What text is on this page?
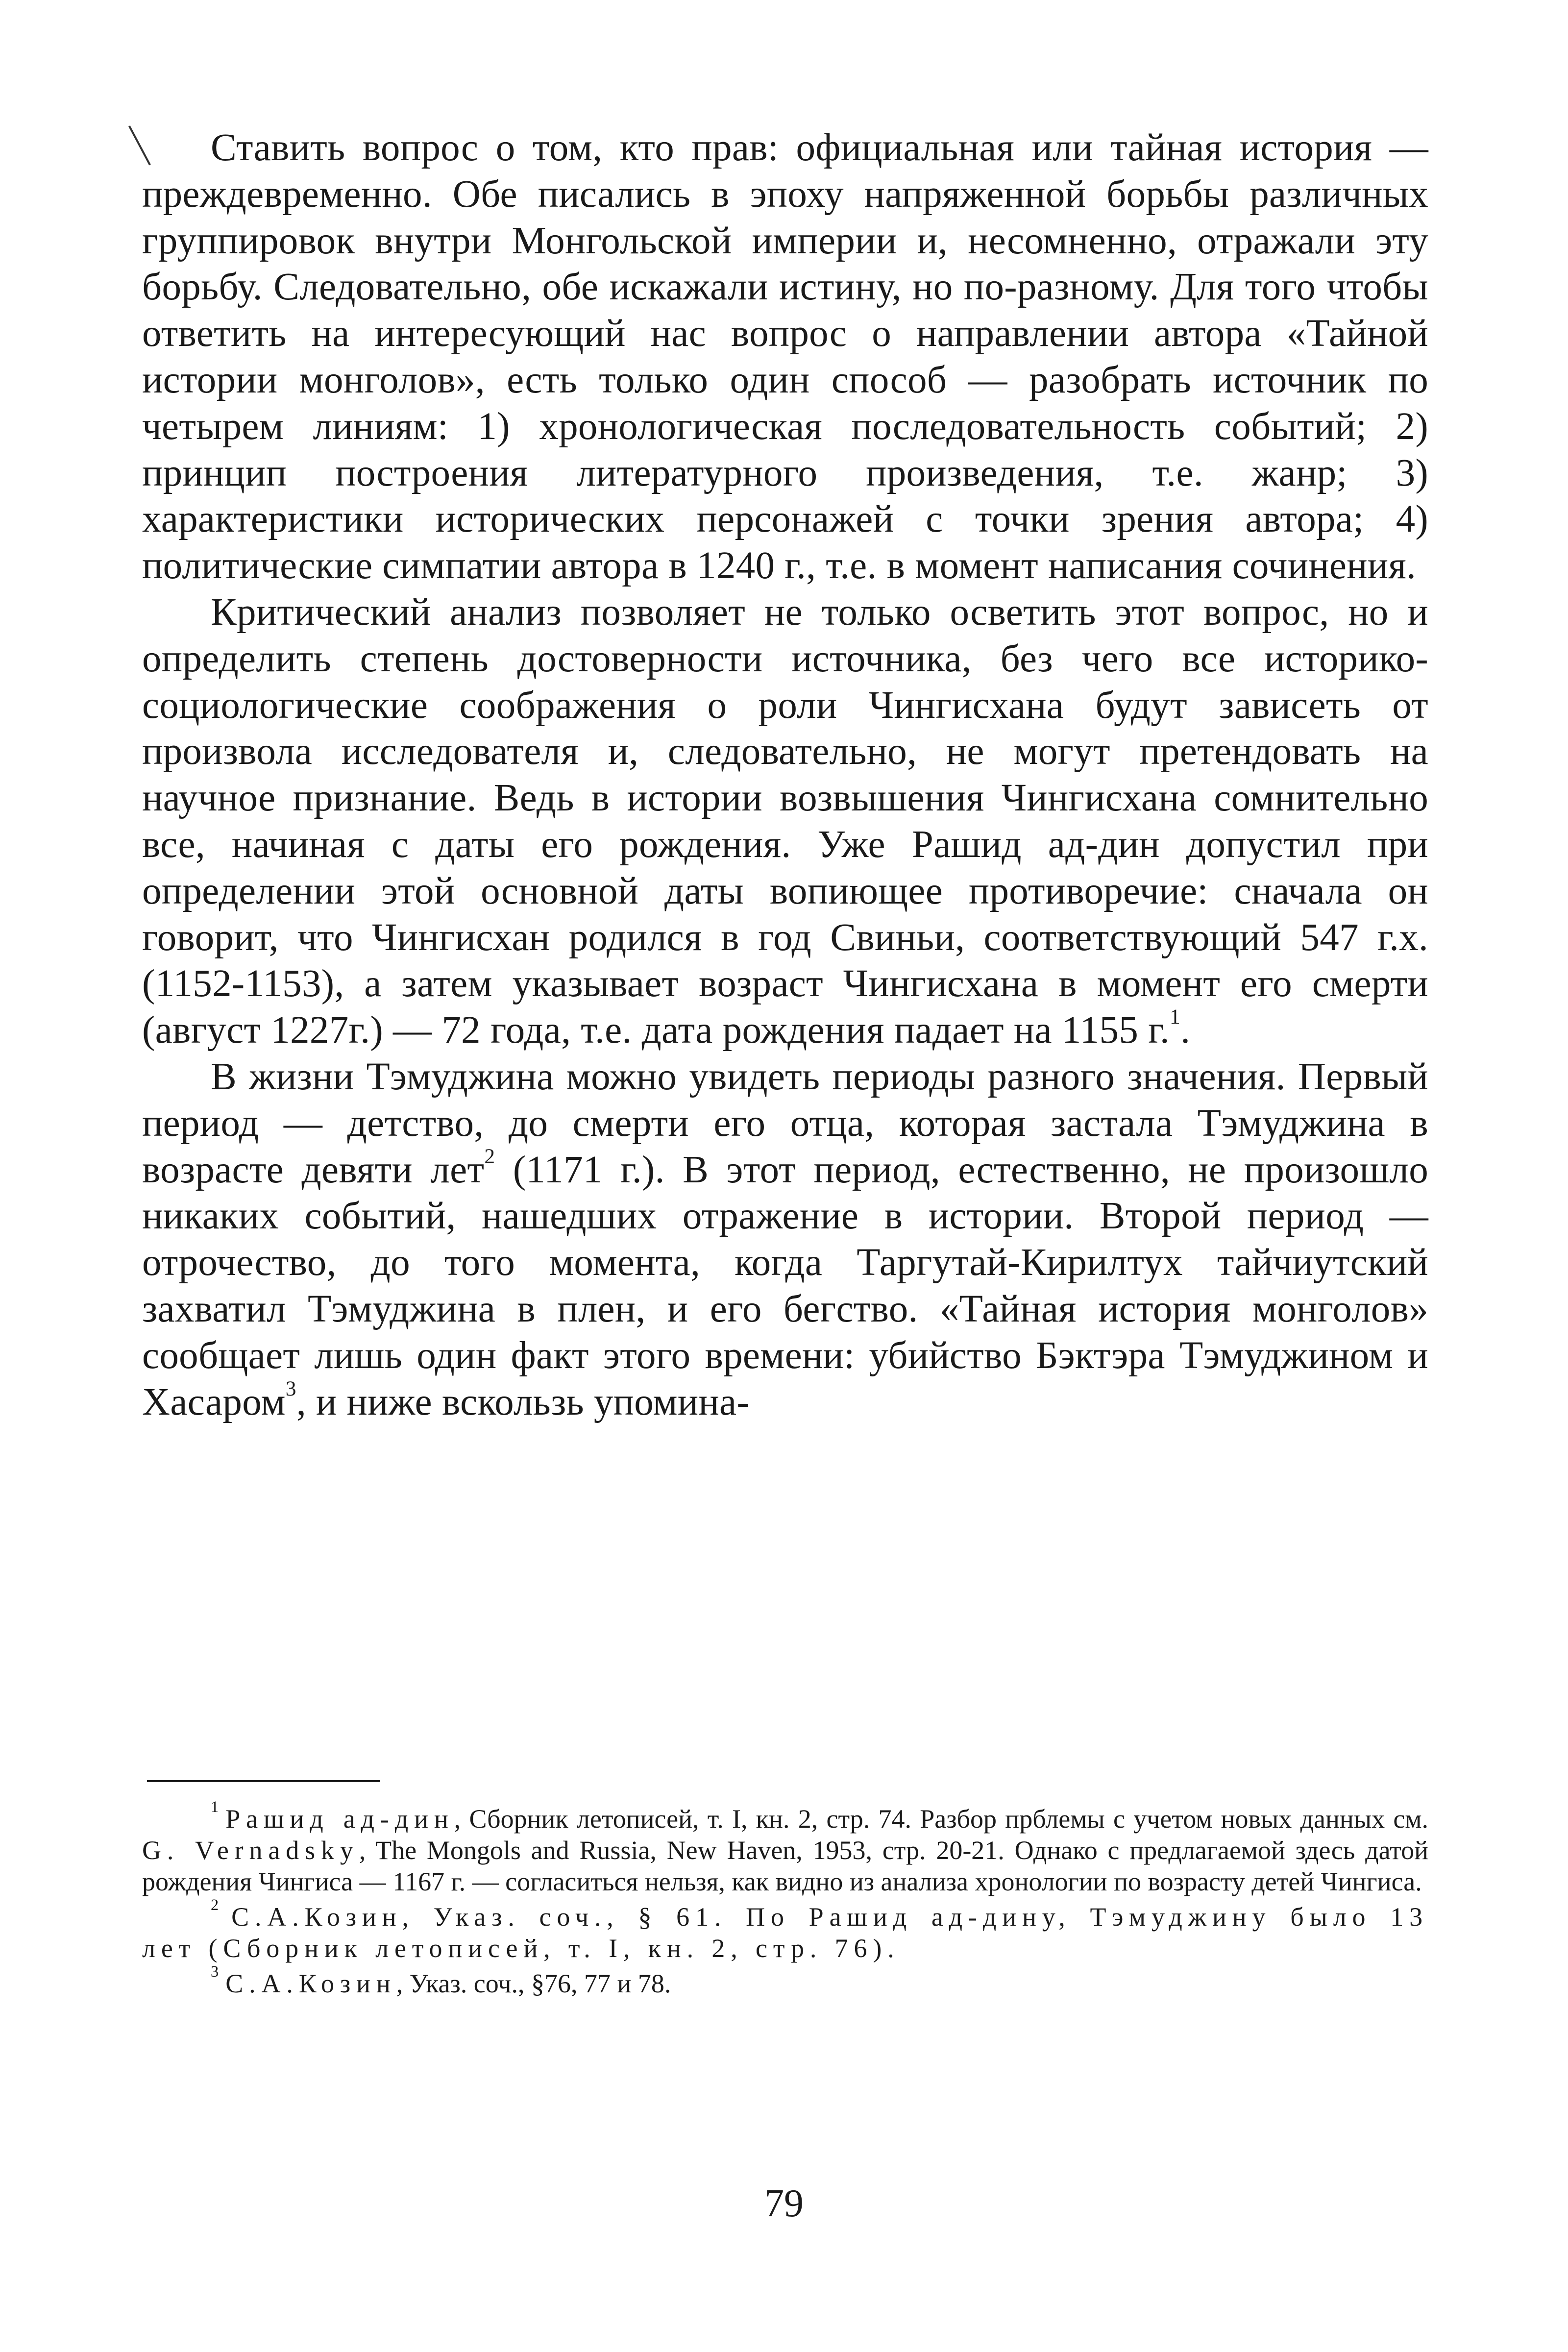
Ставить вопрос о том, кто прав: официальная или тайная история — преждевременно. Обе писались в эпоху напряженной борьбы различных группировок внутри Монгольской империи и, несомненно, отражали эту борьбу. Следовательно, обе искажали истину, но по-разному. Для того чтобы ответить на интересующий нас вопрос о направлении автора «Тайной истории монголов», есть только один способ — разобрать источник по четырем линиям: 1) хронологическая последовательность событий; 2) принцип построения литературного произведения, т.е. жанр; 3) характеристики исторических персонажей с точки зрения автора; 4) политические симпатии автора в 1240 г., т.е. в момент написания сочинения.

Критический анализ позволяет не только осветить этот вопрос, но и определить степень достоверности источника, без чего все историко-социологические соображения о роли Чингисхана будут зависеть от произвола исследователя и, следовательно, не могут претендовать на научное признание. Ведь в истории возвышения Чингисхана сомнительно все, начиная с даты его рождения. Уже Рашид ад-дин допустил при определении этой основной даты вопиющее противоречие: сначала он говорит, что Чингисхан родился в год Свиньи, соответствующий 547 г.х. (1152-1153), а затем указывает возраст Чингисхана в момент его смерти (август 1227г.) — 72 года, т.е. дата рождения падает на 1155 г.$^1$.

В жизни Тэмуджина можно увидеть периоды разного значения. Первый период — детство, до смерти его отца, которая застала Тэмуджина в возрасте девяти лет$^2$ (1171 г.). В этот период, естественно, не произошло никаких событий, нашедших отражение в истории. Второй период — отрочество, до того момента, когда Таргутай-Кирилтух тайчиутский захватил Тэмуджина в плен, и его бегство. «Тайная история монголов» сообщает лишь один факт этого времени: убийство Бэктэра Тэмуджином и Хасаром$^3$, и ниже вскользь упомина-

$^1$ Рашид ад-дин, Сборник летописей, т. I, кн. 2, стр. 74. Разбор прблемы с учетом новых данных см. G. Vernadsky, The Mongols and Russia, New Haven, 1953, стр. 20-21. Однако с предлагаемой здесь датой рождения Чингиса — 1167 г. — согласиться нельзя, как видно из анализа хронологии по возрасту детей Чингиса.

$^2$ С.А.Козин, Указ. соч., § 61. По Рашид ад-дину, Тэмуджину было 13 лет (Сборник летописей, т. I, кн. 2, стр. 76).

$^3$ С.А.Козин, Указ. соч., §76, 77 и 78.

79
